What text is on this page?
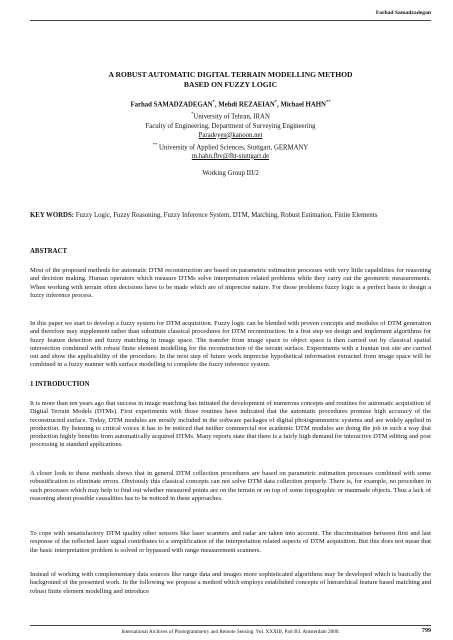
Farhad Samadzadegan
A ROBUST AUTOMATIC DIGITAL TERRAIN MODELLING METHOD
BASED ON FUZZY LOGIC
Farhad SAMADZADEGAN*, Mehdi REZAEIAN*, Michael HAHN**
*University of Tehran, IRAN
Faculty of Engineering, Department of Surveying Engineering
Paradeyes@kanoon.net
** University of Applied Sciences, Stuttgart, GERMANY
m.hahn.fbv@fht-stuttgart.de
Working Group III/2
KEY WORDS: Fuzzy Logic, Fuzzy Reasoning, Fuzzy Inference System, DTM, Matching, Robust Estimation, Finite Elements
ABSTRACT

Most of the proposed methods for automatic DTM reconstruction are based on parametric estimation processes with very little capabilities for reasoning and decision making. Human operators which measure DTMs solve interpretation related problems while they carry out the geometric measurements. When working with terrain often decisions have to be made which are of imprecise nature. For those problems fuzzy logic is a perfect basis to design a fuzzy inference process.

In this paper we start to develop a fuzzy system for DTM acquisition. Fuzzy logic can be blended with proven concepts and modules of DTM generation and therefore may supplement rather than substitute classical procedures for DTM reconstruction. In a first step we design and implement algorithms for fuzzy feature detection and fuzzy matching in image space. The transfer from image space to object space is then carried out by classical spatial intersection combined with robust finite element modelling for the reconstruction of the terrain surface. Experiments with a Iranian test site are carried out and show the applicability of the procedure. In the next step of future work imprecise hypothetical information extracted from image space will be combined in a fuzzy manner with surface modelling to complete the fuzzy inference system.

1 INTRODUCTION

It is more than ten years ago that success in image matching has initiated the development of numerous concepts and routines for automatic acquisition of Digital Terrain Models (DTMs). First experiments with those routines have indicated that the automatic procedures promise high accuracy of the reconstructed surface. Today, DTM modules are mostly included in the software packages of digital photogrammetric systems and are widely applied in production. By listening to critical voices it has to be noticed that neither commercial nor academic DTM modules are doing the job in such a way that production highly benefits from automatically acquired DTMs. Many reports state that there is a fairly high demand for interactive DTM editing and post processing in standard applications.

A closer look to these methods shows that in general DTM collection procedures are based on parametric estimation processes combined with some robustification to eliminate errors. Obviously this classical concepts can not solve DTM data collection properly. There is, for example, no procedure in such processes which may help to find out whether measured points are on the terrain or on top of some topographic or manmade objects. Thus a lack of reasoning about possible causalities has to be noticed in these approaches.

To cope with unsatisfactory DTM quality other sensors like laser scanners and radar are taken into account. The discrimination between first and last response of the reflected laser signal contributes to a simplification of the interpretation related aspects of DTM acquisition. But this does not mean that the basic interpretation problem is solved or bypassed with range measurement scanners.

Instead of working with complementary data sources like range data and images more sophisticated algorithms may be developed which is basically the background of the presented work. In the following we propose a method which employs established concepts of hierarchical feature based matching and robust finite element modelling and introduce

International Archives of Photogrammetry and Remote Sensing. Vol. XXXIII, Part B3. Amsterdam 2000.	799
